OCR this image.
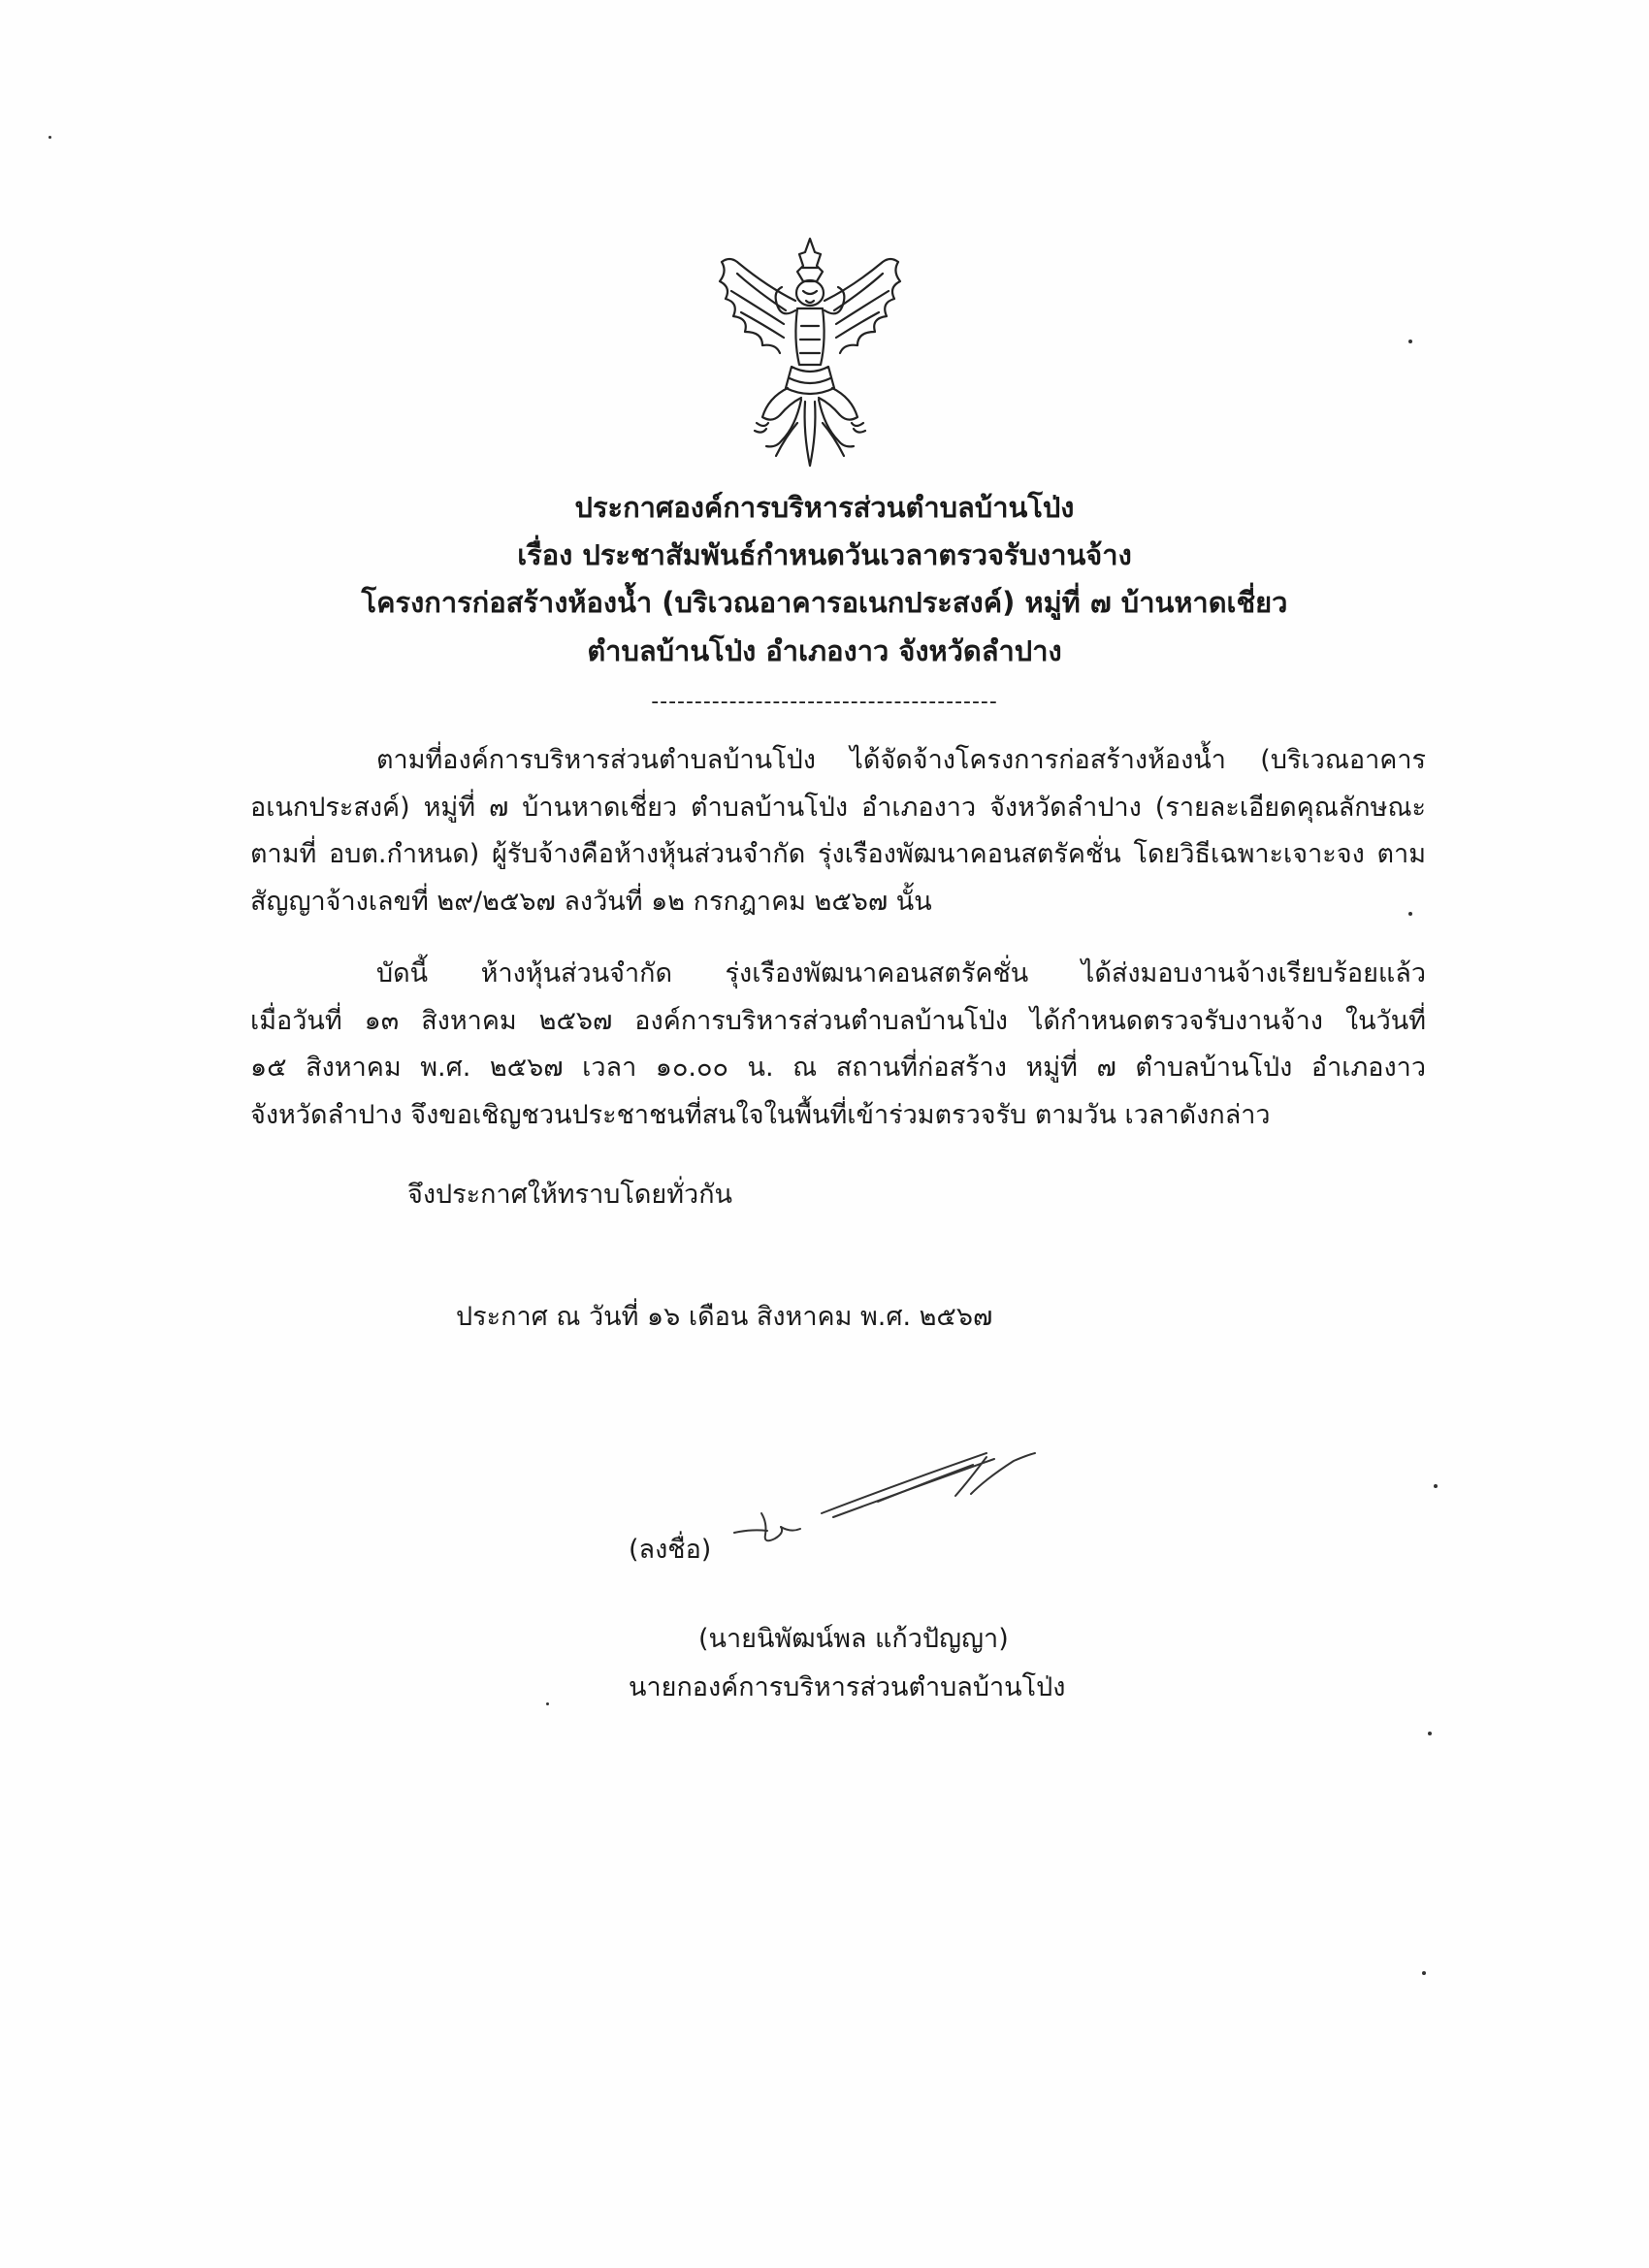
ประกาศองค์การบริหารส่วนตำบลบ้านโป่ง
เรื่อง ประชาสัมพันธ์กำหนดวันเวลาตรวจรับงานจ้าง
โครงการก่อสร้างห้องน้ำ (บริเวณอาคารอเนกประสงค์) หมู่ที่ ๗ บ้านหาดเชี่ยว
ตำบลบ้านโป่ง อำเภองาว จังหวัดลำปาง
----------------------------------------
ตามที่องค์การบริหารส่วนตำบลบ้านโป่ง ได้จัดจ้างโครงการก่อสร้างห้องน้ำ (บริเวณอาคาร
อเนกประสงค์) หมู่ที่ ๗ บ้านหาดเชี่ยว ตำบลบ้านโป่ง อำเภองาว จังหวัดลำปาง (รายละเอียดคุณลักษณะ
ตามที่ อบต.กำหนด) ผู้รับจ้างคือห้างหุ้นส่วนจำกัด รุ่งเรืองพัฒนาคอนสตรัคชั่น โดยวิธีเฉพาะเจาะจง ตาม
สัญญาจ้างเลขที่ ๒๙/๒๕๖๗ ลงวันที่ ๑๒ กรกฎาคม ๒๕๖๗ นั้น
บัดนี้ ห้างหุ้นส่วนจำกัด รุ่งเรืองพัฒนาคอนสตรัคชั่น ได้ส่งมอบงานจ้างเรียบร้อยแล้ว
เมื่อวันที่ ๑๓ สิงหาคม ๒๕๖๗ องค์การบริหารส่วนตำบลบ้านโป่ง ได้กำหนดตรวจรับงานจ้าง ในวันที่
๑๕ สิงหาคม พ.ศ. ๒๕๖๗ เวลา ๑๐.๐๐ น. ณ สถานที่ก่อสร้าง หมู่ที่ ๗ ตำบลบ้านโป่ง อำเภองาว
จังหวัดลำปาง จึงขอเชิญชวนประชาชนที่สนใจในพื้นที่เข้าร่วมตรวจรับ ตามวัน เวลาดังกล่าว
จึงประกาศให้ทราบโดยทั่วกัน
ประกาศ ณ วันที่ ๑๖ เดือน สิงหาคม พ.ศ. ๒๕๖๗
(ลงชื่อ)
(นายนิพัฒน์พล แก้วปัญญา)
นายกองค์การบริหารส่วนตำบลบ้านโป่ง
